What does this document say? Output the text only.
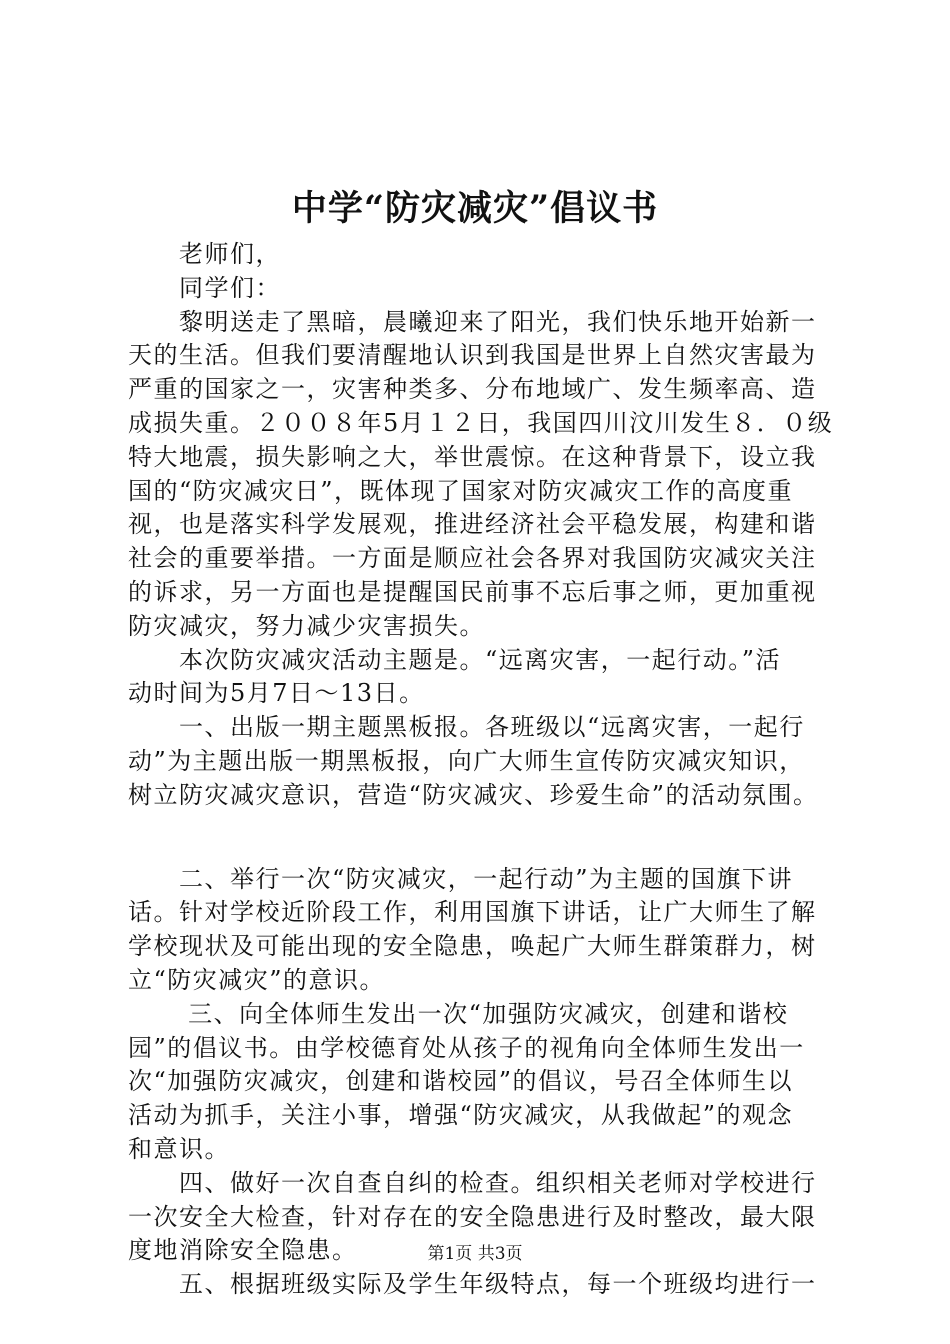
中学“防灾减灾”倡议书
　　老师们，
　　同学们：
　　黎明送走了黑暗，晨曦迎来了阳光，我们快乐地开始新一
天的生活。但我们要清醒地认识到我国是世界上自然灾害最为
严重的国家之一，灾害种类多、分布地域广、发生频率高、造
成损失重。２００８年5月１２日，我国四川汶川发生８．０级
特大地震，损失影响之大，举世震惊。在这种背景下，设立我
国的“防灾减灾日”，既体现了国家对防灾减灾工作的高度重
视，也是落实科学发展观，推进经济社会平稳发展，构建和谐
社会的重要举措。一方面是顺应社会各界对我国防灾减灾关注
的诉求，另一方面也是提醒国民前事不忘后事之师，更加重视
防灾减灾，努力减少灾害损失。
　　本次防灾减灾活动主题是。“远离灾害，一起行动。”活
动时间为5月7日～13日。
　　一、出版一期主题黑板报。各班级以“远离灾害，一起行
动”为主题出版一期黑板报，向广大师生宣传防灾减灾知识，
树立防灾减灾意识，营造“防灾减灾、珍爱生命”的活动氛围。
　　二、举行一次“防灾减灾，一起行动”为主题的国旗下讲
话。针对学校近阶段工作，利用国旗下讲话，让广大师生了解
学校现状及可能出现的安全隐患，唤起广大师生群策群力，树
立“防灾减灾”的意识。
　　 三、向全体师生发出一次“加强防灾减灾，创建和谐校
园”的倡议书。由学校德育处从孩子的视角向全体师生发出一
次“加强防灾减灾，创建和谐校园”的倡议，号召全体师生以
活动为抓手，关注小事，增强“防灾减灾，从我做起”的观念
和意识。
　　四、做好一次自查自纠的检查。组织相关老师对学校进行
一次安全大检查，针对存在的安全隐患进行及时整改，最大限
度地消除安全隐患。
　　五、根据班级实际及学生年级特点，每一个班级均进行一
第1页 共3页
